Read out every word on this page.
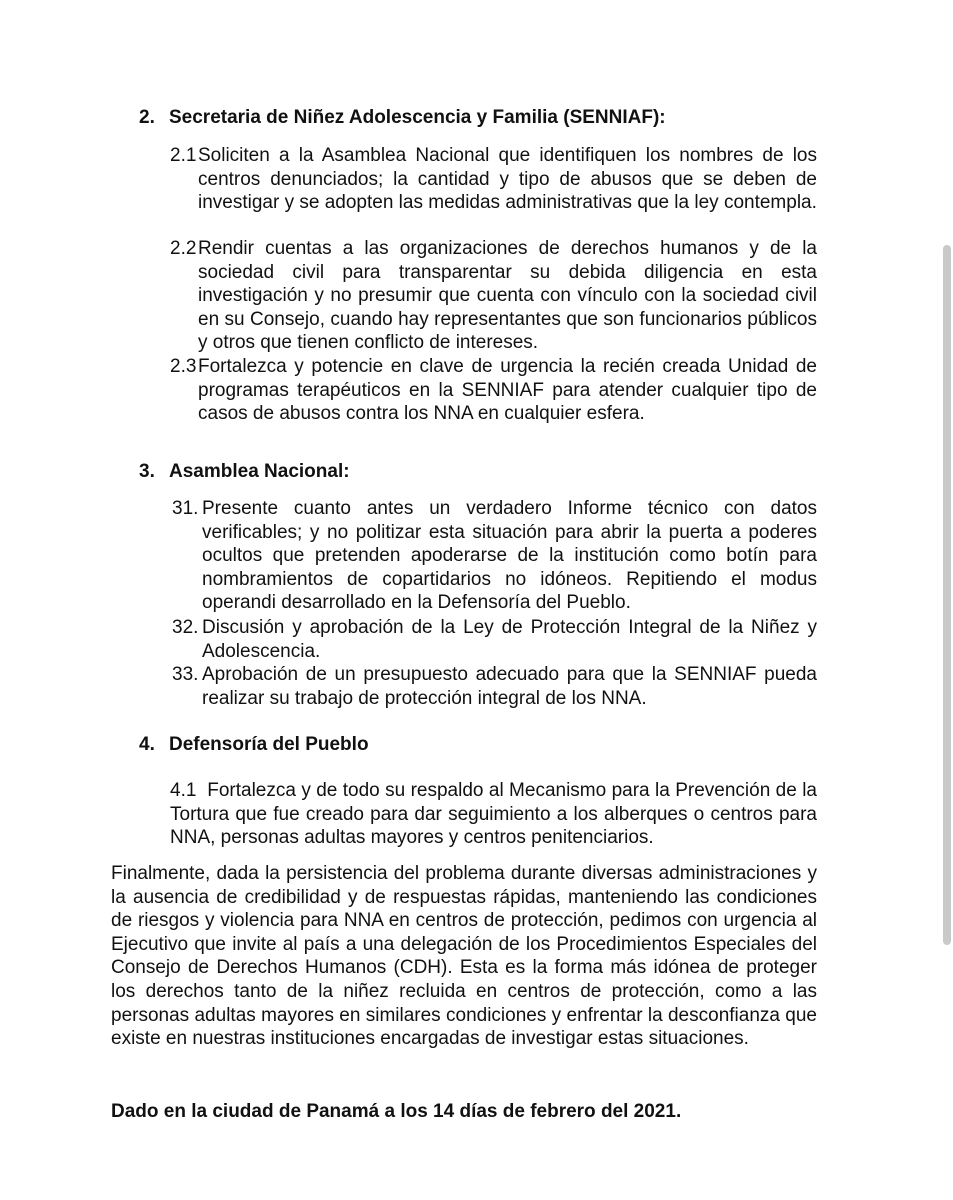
2. Secretaria de Niñez Adolescencia y Familia (SENNIAF):
2.1 Soliciten a la Asamblea Nacional que identifiquen los nombres de los centros denunciados; la cantidad y tipo de abusos que se deben de investigar y se adopten las medidas administrativas que la ley contempla.
2.2 Rendir cuentas a las organizaciones de derechos humanos y de la sociedad civil para transparentar su debida diligencia en esta investigación y no presumir que cuenta con vínculo con la sociedad civil en su Consejo, cuando hay representantes que son funcionarios públicos y otros que tienen conflicto de intereses.
2.3 Fortalezca y potencie en clave de urgencia la recién creada Unidad de programas terapéuticos en la SENNIAF para atender cualquier tipo de casos de abusos contra los NNA en cualquier esfera.
3. Asamblea Nacional:
31. Presente cuanto antes un verdadero Informe técnico con datos verificables; y no politizar esta situación para abrir la puerta a poderes ocultos que pretenden apoderarse de la institución como botín para nombramientos de copartidarios no idóneos. Repitiendo el modus operandi desarrollado en la Defensoría del Pueblo.
32. Discusión y aprobación de la Ley de Protección Integral de la Niñez y Adolescencia.
33. Aprobación de un presupuesto adecuado para que la SENNIAF pueda realizar su trabajo de protección integral de los NNA.
4. Defensoría del Pueblo
4.1 Fortalezca y de todo su respaldo al Mecanismo para la Prevención de la Tortura que fue creado para dar seguimiento a los alberques o centros para NNA, personas adultas mayores y centros penitenciarios.
Finalmente, dada la persistencia del problema durante diversas administraciones y la ausencia de credibilidad y de respuestas rápidas, manteniendo las condiciones de riesgos y violencia para NNA en centros de protección, pedimos con urgencia al Ejecutivo que invite al país a una delegación de los Procedimientos Especiales del Consejo de Derechos Humanos (CDH). Esta es la forma más idónea de proteger los derechos tanto de la niñez recluida en centros de protección, como a las personas adultas mayores en similares condiciones y enfrentar la desconfianza que existe en nuestras instituciones encargadas de investigar estas situaciones.
Dado en la ciudad de Panamá a los 14 días de febrero del 2021.
